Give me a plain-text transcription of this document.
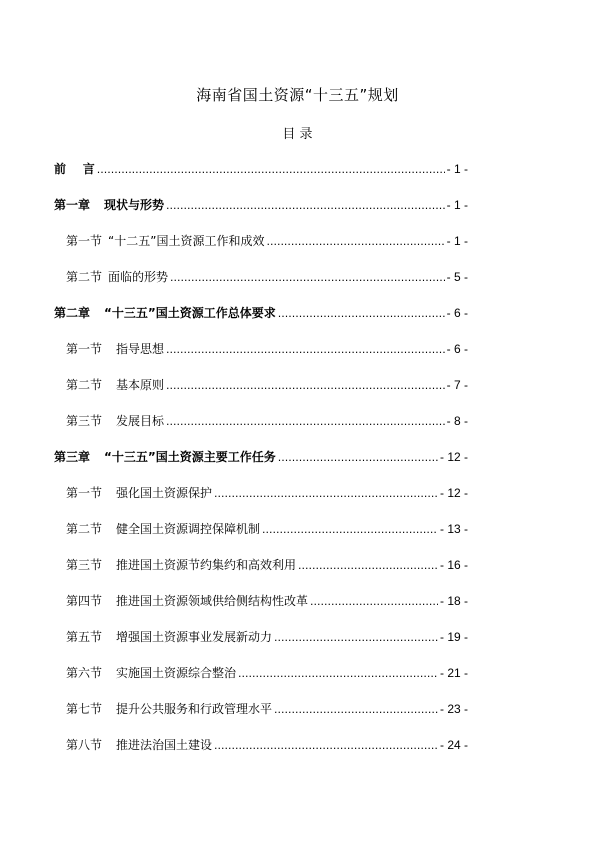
海南省国土资源“十三五”规划
目 录
前    言 .....	- 1 -
第一章 现状与形势 .....	- 1 -
第一节 “十二五”国土资源工作和成效 .....	- 1 -
第二节 面临的形势 .....	- 5 -
第二章 “十三五”国土资源工作总体要求 .....	- 6 -
第一节 指导思想 .....	- 6 -
第二节 基本原则 .....	- 7 -
第三节 发展目标 .....	- 8 -
第三章 “十三五”国土资源主要工作任务 .....	- 12 -
第一节 强化国土资源保护 .....	- 12 -
第二节 健全国土资源调控保障机制 .....	- 13 -
第三节 推进国土资源节约集约和高效利用 .....	- 16 -
第四节 推进国土资源领域供给侧结构性改革 .....	- 18 -
第五节 增强国土资源事业发展新动力 .....	- 19 -
第六节 实施国土资源综合整治 .....	- 21 -
第七节 提升公共服务和行政管理水平 .....	- 23 -
第八节 推进法治国土建设 .....	- 24 -
